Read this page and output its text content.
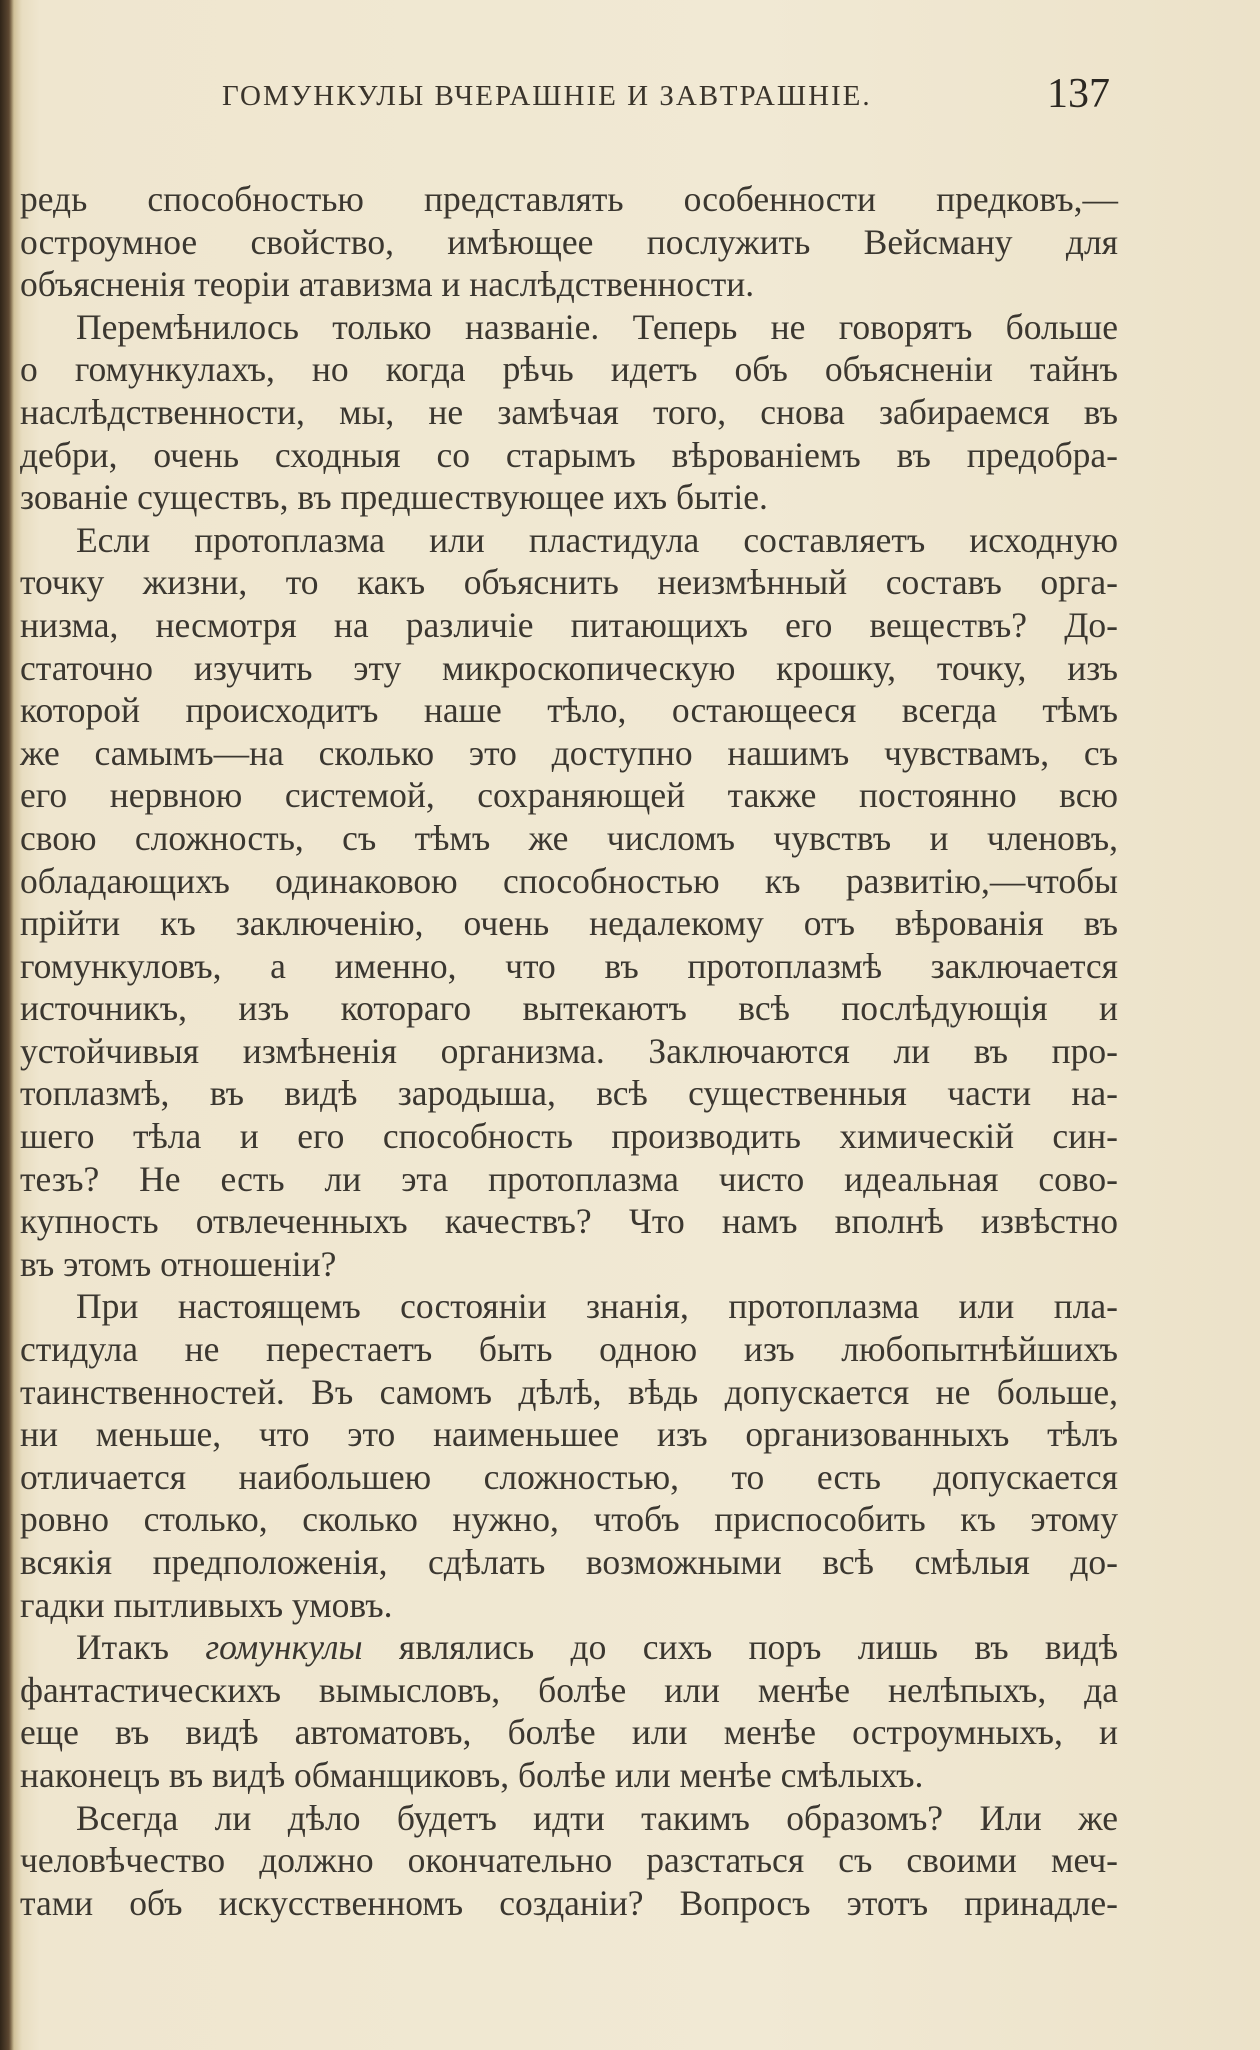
ГОМУНКУЛЫ ВЧЕРАШНІЕ И ЗАВТРАШНІЕ.	137
редь способностью представлять особенности предковъ,—
остроумное свойство, имѣющее послужить Вейсману для
объясненія теоріи атавизма и наслѣдственности.
Перемѣнилось только названіе. Теперь не говорятъ больше
о гомункулахъ, но когда рѣчь идетъ объ объясненіи тайнъ
наслѣдственности, мы, не замѣчая того, снова забираемся въ
дебри, очень сходныя со старымъ вѣрованіемъ въ предобра-
зованіе существъ, въ предшествующее ихъ бытіе.
Если протоплазма или пластидула составляетъ исходную
точку жизни, то какъ объяснить неизмѣнный составъ орга-
низма, несмотря на различіе питающихъ его веществъ? До-
статочно изучить эту микроскопическую крошку, точку, изъ
которой происходитъ наше тѣло, остающееся всегда тѣмъ
же самымъ—на сколько это доступно нашимъ чувствамъ, съ
его нервною системой, сохраняющей также постоянно всю
свою сложность, съ тѣмъ же числомъ чувствъ и членовъ,
обладающихъ одинаковою способностью къ развитію,—чтобы
прійти къ заключенію, очень недалекому отъ вѣрованія въ
гомункуловъ, а именно, что въ протоплазмѣ заключается
источникъ, изъ котораго вытекаютъ всѣ послѣдующія и
устойчивыя измѣненія организма. Заключаются ли въ про-
топлазмѣ, въ видѣ зародыша, всѣ существенныя части на-
шего тѣла и его способность производить химическій син-
тезъ? Не есть ли эта протоплазма чисто идеальная сово-
купность отвлеченныхъ качествъ? Что намъ вполнѣ извѣстно
въ этомъ отношеніи?
При настоящемъ состояніи знанія, протоплазма или пла-
стидула не перестаетъ быть одною изъ любопытнѣйшихъ
таинственностей. Въ самомъ дѣлѣ, вѣдь допускается не больше,
ни меньше, что это наименьшее изъ организованныхъ тѣлъ
отличается наибольшею сложностью, то есть допускается
ровно столько, сколько нужно, чтобъ приспособить къ этому
всякія предположенія, сдѣлать возможными всѣ смѣлыя до-
гадки пытливыхъ умовъ.
Итакъ гомункулы являлись до сихъ поръ лишь въ видѣ
фантастическихъ вымысловъ, болѣе или менѣе нелѣпыхъ, да
еще въ видѣ автоматовъ, болѣе или менѣе остроумныхъ, и
наконецъ въ видѣ обманщиковъ, болѣе или менѣе смѣлыхъ.
Всегда ли дѣло будетъ идти такимъ образомъ? Или же
человѣчество должно окончательно разстаться съ своими меч-
тами объ искусственномъ созданіи? Вопросъ этотъ принадле-
